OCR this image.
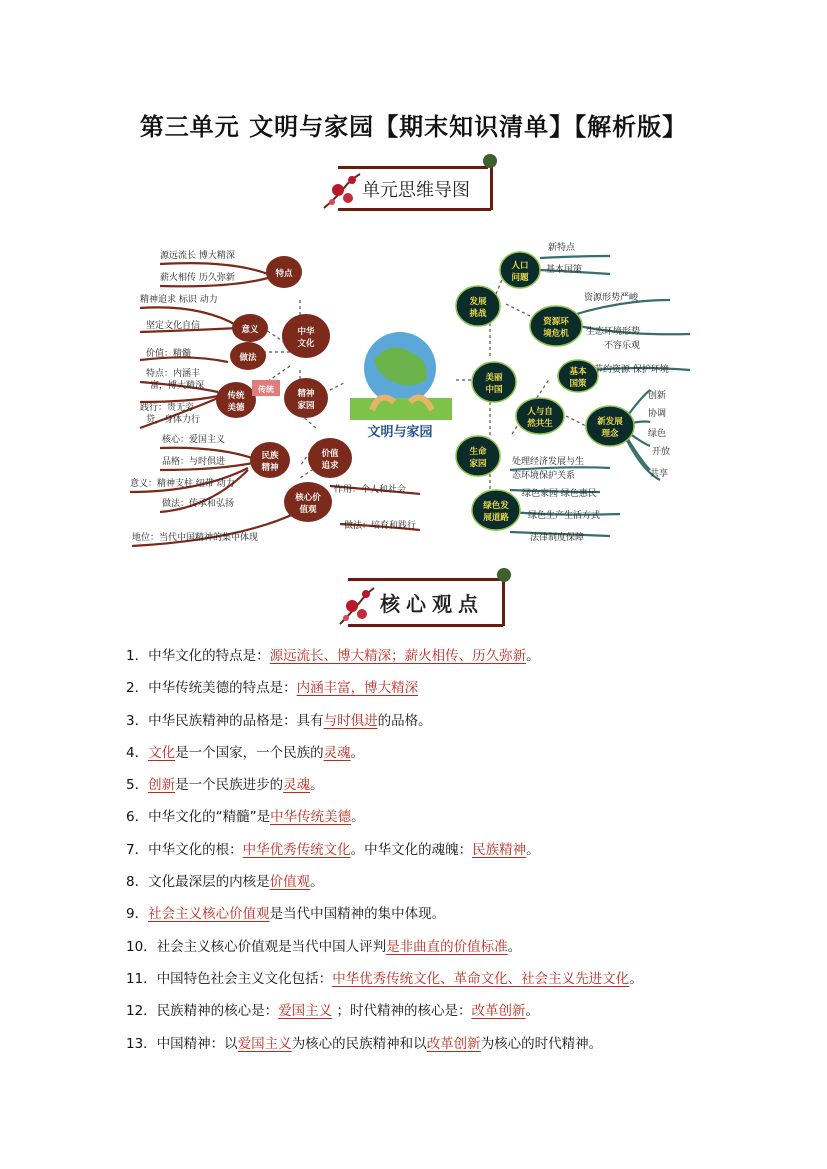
第三单元 文明与家园【期末知识清单】【解析版】
单元思维导图
文明与家园
特点
中华
文化
意义
做法
传统
美德
精神
家园
价值
追求
民族
精神
核心价
值观
传统
人口
问题
发展
挑战
资源环
境危机
美丽
中国
基本
国策
人与自
然共生	新发展
理念
生命
家园
绿色发
展道路
源远流长 博大精深
薪火相传 历久弥新
精神追求 标识 动力
坚定文化自信
价值：精髓
特点：内涵丰
富，博大精深
践行：贵无旁
贷，身体力行
核心：爱国主义
品格：与时俱进
意义：精神支柱 纽带 动力
做法：传承和弘扬
作用：个人和社会
做法：培育和践行
地位：当代中国精神的集中体现
新特点
基本国策
资源形势严峻
生态环境形势
不容乐观
节约资源 保护环境
创新
协调
绿色
开放
共享
处理经济发展与生
态环境保护关系
绿色家园 绿色惠民
绿色生产生活方式
法律制度保障
核心观点
1．中华文化的特点是：源远流长、博大精深；薪火相传、历久弥新。
2．中华传统美德的特点是：内涵丰富，博大精深
3．中华民族精神的品格是：具有与时俱进的品格。
4．文化是一个国家，一个民族的灵魂。
5．创新是一个民族进步的灵魂。
6．中华文化的“精髓”是中华传统美德。
7．中华文化的根：中华优秀传统文化。中华文化的魂魄：民族精神。
8．文化最深层的内核是价值观。
9．社会主义核心价值观是当代中国精神的集中体现。
10．社会主义核心价值观是当代中国人评判是非曲直的价值标准。
11．中国特色社会主义文化包括：中华优秀传统文化、革命文化、社会主义先进文化。
12．民族精神的核心是：爱国主义 ；时代精神的核心是：改革创新。
13．中国精神：以爱国主义为核心的民族精神和以改革创新为核心的时代精神。
